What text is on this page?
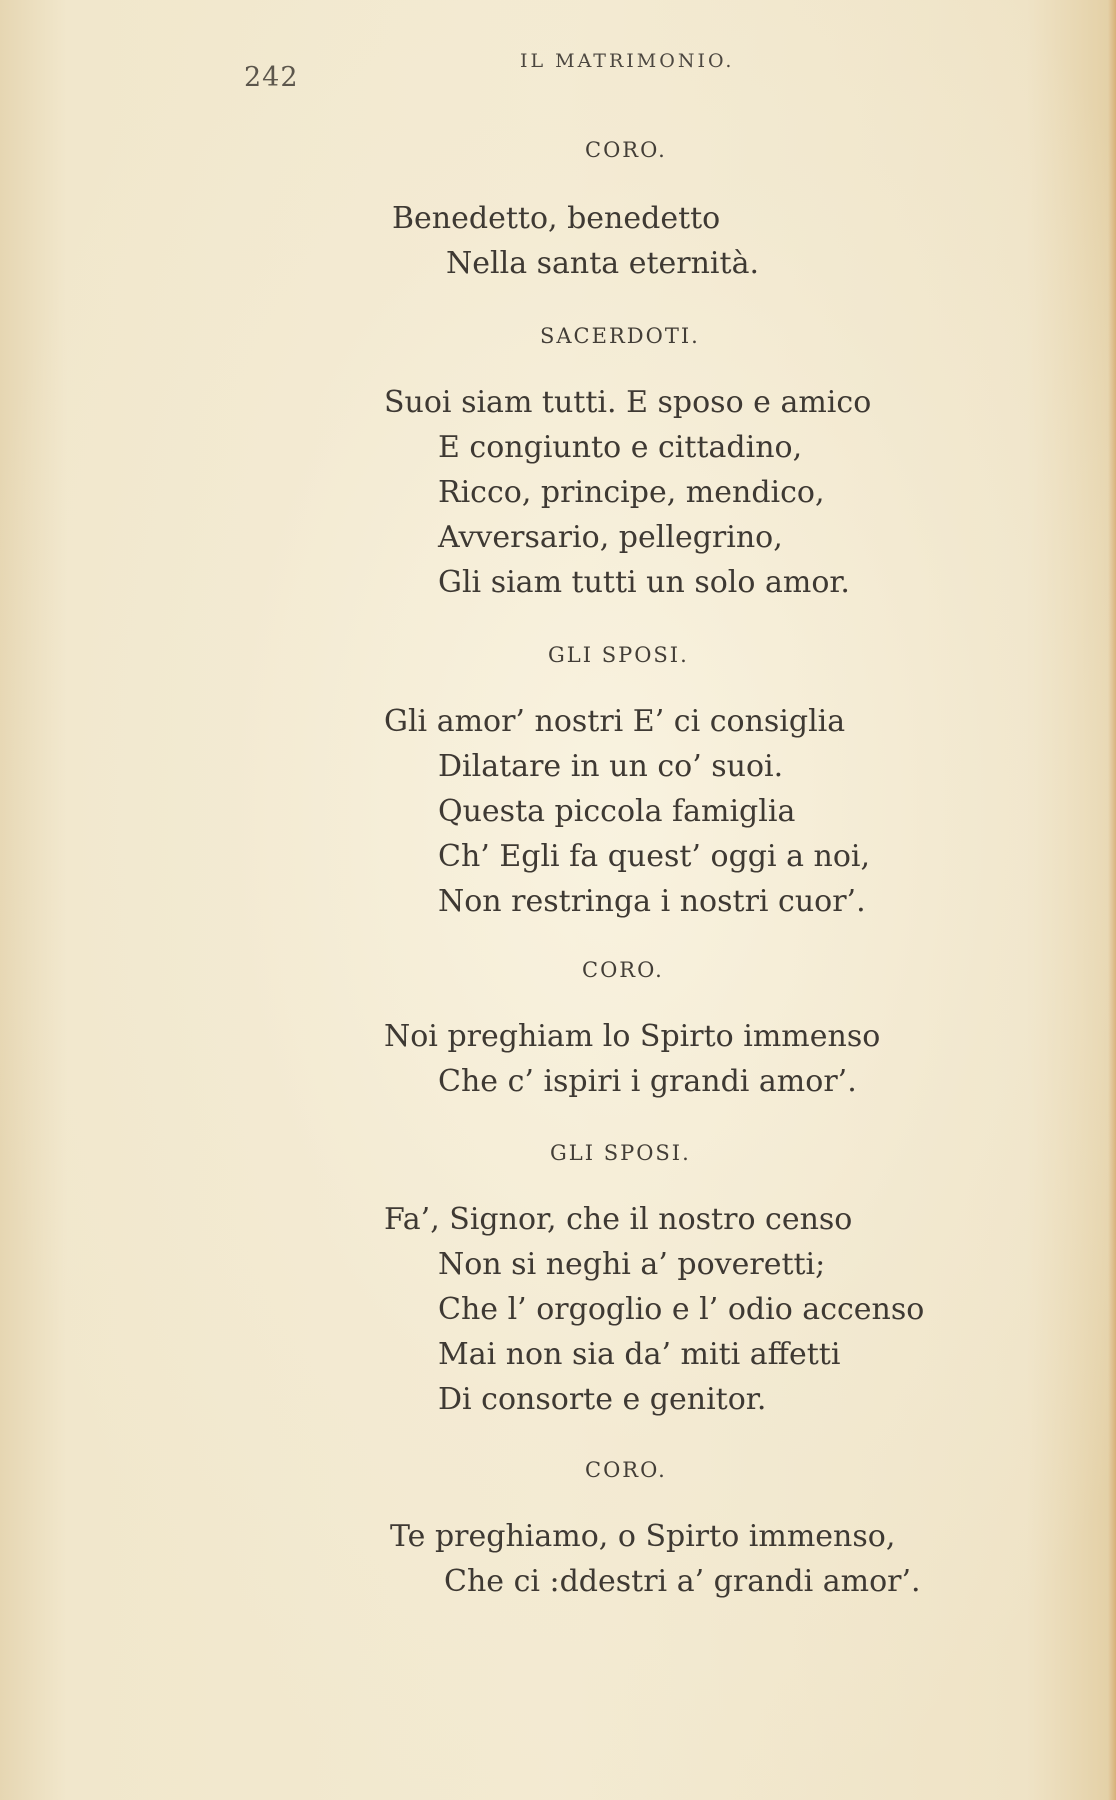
242
IL MATRIMONIO.
CORO.
Benedetto, benedetto
Nella santa eternità.
SACERDOTI.
Suoi siam tutti. E sposo e amico
E congiunto e cittadino,
Ricco, principe, mendico,
Avversario, pellegrino,
Gli siam tutti un solo amor.
GLI SPOSI.
Gli amor’ nostri E’ ci consiglia
Dilatare in un co’ suoi.
Questa piccola famiglia
Ch’ Egli fa quest’ oggi a noi,
Non restringa i nostri cuor’.
CORO.
Noi preghiam lo Spirto immenso
Che c’ ispiri i grandi amor’.
GLI SPOSI.
Fa’, Signor, che il nostro censo
Non si neghi a’ poveretti;
Che l’ orgoglio e l’ odio accenso
Mai non sia da’ miti affetti
Di consorte e genitor.
CORO.
Te preghiamo, o Spirto immenso,
Che ci :ddestri a’ grandi amor’.
